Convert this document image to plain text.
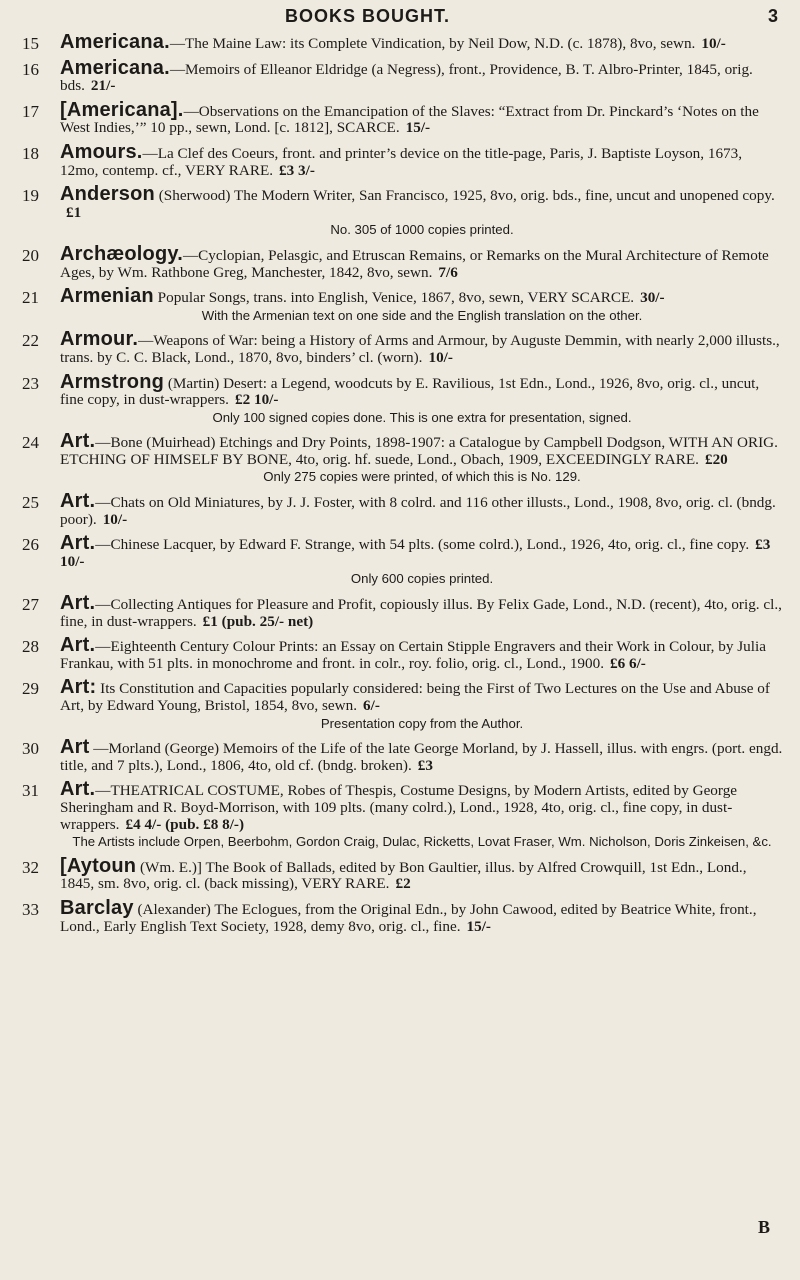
BOOKS BOUGHT.	3
15 Americana.—The Maine Law: its Complete Vindication, by Neil Dow, N.D. (c. 1878), 8vo, sewn. 10/-
16 Americana.—Memoirs of Elleanor Eldridge (a Negress), front., Providence, B. T. Albro-Printer, 1845, orig. bds. 21/-
17 [Americana].—Observations on the Emancipation of the Slaves: “Extract from Dr. Pinckard’s ‘Notes on the West Indies,’” 10 pp., sewn, Lond. [c. 1812], SCARCE. 15/-
18 Amours.—La Clef des Coeurs, front. and printer’s device on the title-page, Paris, J. Baptiste Loyson, 1673, 12mo, contemp. cf., VERY RARE. £3 3/-
19 Anderson (Sherwood) The Modern Writer, San Francisco, 1925, 8vo, orig. bds., fine, uncut and unopened copy.£1
No. 305 of 1000 copies printed.
20 Archæology.—Cyclopian, Pelasgic, and Etruscan Remains, or Remarks on the Mural Architecture of Remote Ages, by Wm. Rathbone Greg, Manchester, 1842, 8vo, sewn. 7/6
21 Armenian Popular Songs, trans. into English, Venice, 1867, 8vo, sewn, VERY SCARCE. 30/-
With the Armenian text on one side and the English translation on the other.
22 Armour.—Weapons of War: being a History of Arms and Armour, by Auguste Demmin, with nearly 2,000 illusts., trans. by C. C. Black, Lond., 1870, 8vo, binders’ cl. (worn). 10/-
23 Armstrong (Martin) Desert: a Legend, woodcuts by E. Ravilious, 1st Edn., Lond., 1926, 8vo, orig. cl., uncut, fine copy, in dust-wrappers. £2 10/-
Only 100 signed copies done. This is one extra for presentation, signed.
24 Art.—Bone (Muirhead) Etchings and Dry Points, 1898-1907: a Catalogue by Campbell Dodgson, WITH AN ORIG. ETCHING OF HIMSELF BY BONE, 4to, orig. hf. suede, Lond., Obach, 1909, EXCEEDINGLY RARE. £20
Only 275 copies were printed, of which this is No. 129.
25 Art.—Chats on Old Miniatures, by J. J. Foster, with 8 colrd. and 116 other illusts., Lond., 1908, 8vo, orig. cl. (bndg. poor). 10/-
26 Art.—Chinese Lacquer, by Edward F. Strange, with 54 plts. (some colrd.), Lond., 1926, 4to, orig. cl., fine copy. £3 10/-
Only 600 copies printed.
27 Art.—Collecting Antiques for Pleasure and Profit, copiously illus. By Felix Gade, Lond., N.D. (recent), 4to, orig. cl., fine, in dust-wrappers. £1 (pub. 25/- net)
28 Art.—Eighteenth Century Colour Prints: an Essay on Certain Stipple Engravers and their Work in Colour, by Julia Frankau, with 51 plts. in monochrome and front. in colr., roy. folio, orig. cl., Lond., 1900. £6 6/-
29 Art: Its Constitution and Capacities popularly considered: being the First of Two Lectures on the Use and Abuse of Art, by Edward Young, Bristol, 1854, 8vo, sewn. 6/-
Presentation copy from the Author.
30 Art —Morland (George) Memoirs of the Life of the late George Morland, by J. Hassell, illus. with engrs. (port. engd. title, and 7 plts.), Lond., 1806, 4to, old cf. (bndg. broken). £3
31 Art.—THEATRICAL COSTUME, Robes of Thespis, Costume Designs, by Modern Artists, edited by George Sheringham and R. Boyd-Morrison, with 109 plts. (many colrd.), Lond., 1928, 4to, orig. cl., fine copy, in dust-wrappers. £4 4/- (pub. £8 8/-)
The Artists include Orpen, Beerbohm, Gordon Craig, Dulac, Ricketts, Lovat Fraser, Wm. Nicholson, Doris Zinkeisen, &c.
32 [Aytoun (Wm. E.)] The Book of Ballads, edited by Bon Gaultier, illus. by Alfred Crowquill, 1st Edn., Lond., 1845, sm. 8vo, orig. cl. (back missing), VERY RARE. £2
33 Barclay (Alexander) The Eclogues, from the Original Edn., by John Cawood, edited by Beatrice White, front., Lond., Early English Text Society, 1928, demy 8vo, orig. cl., fine. 15/-
B
